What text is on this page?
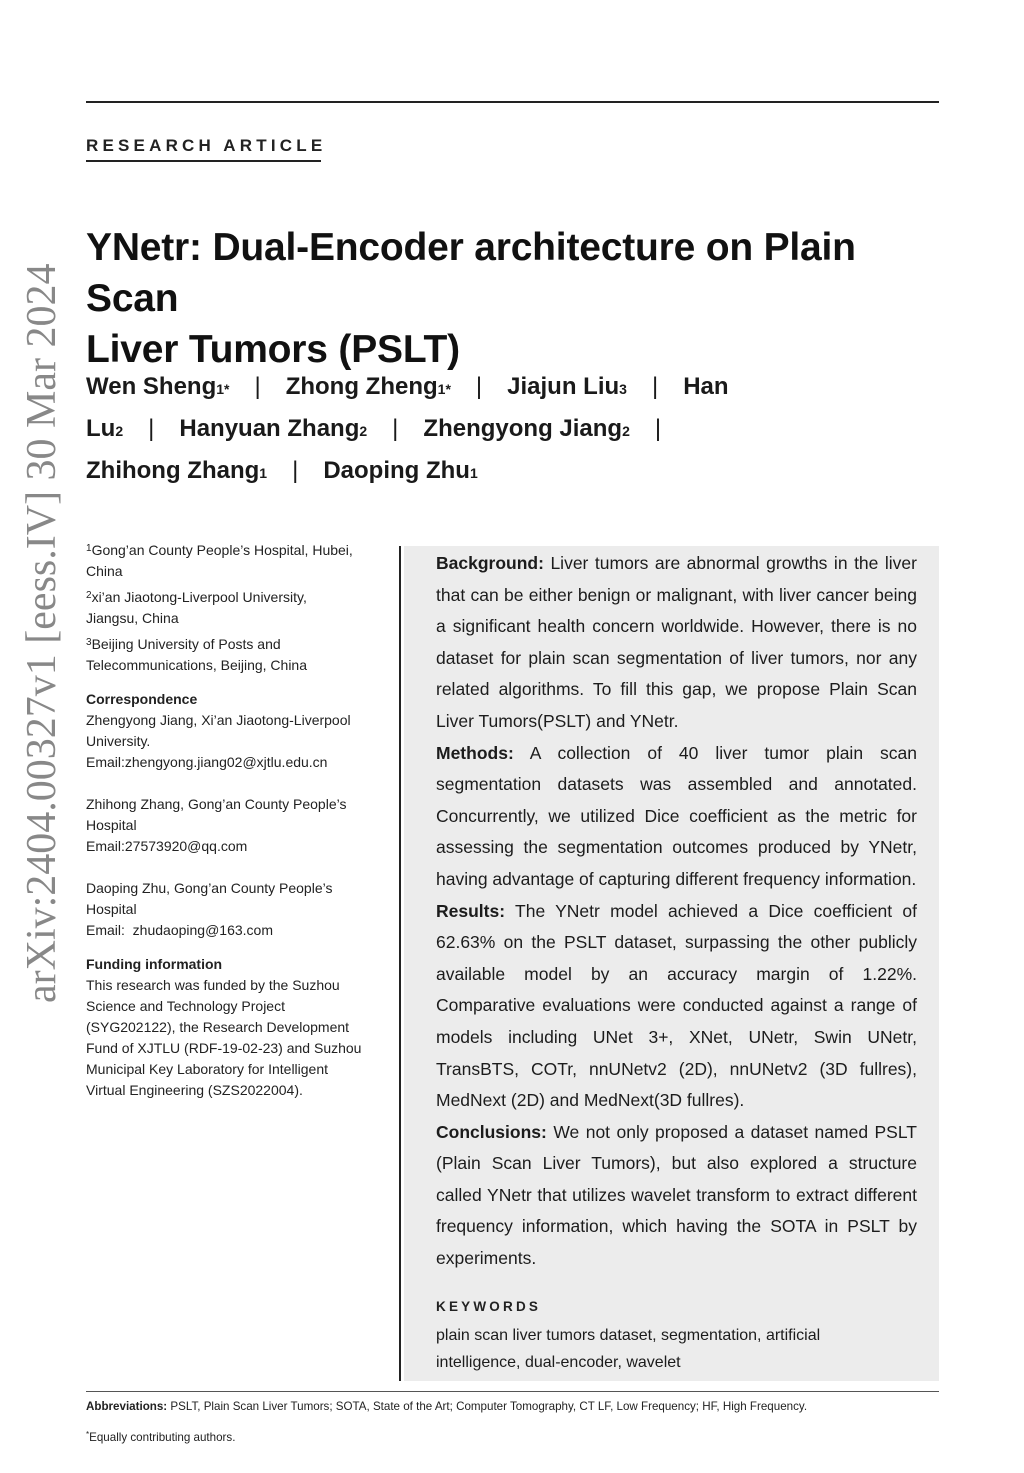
RESEARCH ARTICLE
arXiv:2404.00327v1 [eess.IV] 30 Mar 2024
YNetr: Dual-Encoder architecture on Plain Scan
Liver Tumors (PSLT)
Wen Sheng 1*	|	Zhong Zheng 1*	|	Jiajun Liu 3	|	Han
Lu 2	|	Hanyuan Zhang 2	|	Zhengyong Jiang 2	|
Zhihong Zhang 1	|	Daoping Zhu 1

$^1$Gong’an County People’s Hospital, Hubei,
China

$^2$xi’an Jiaotong-Liverpool University,
Jiangsu, China

$^3$Beijing University of Posts and
Telecommunications, Beijing, China

Correspondence

Zhengyong Jiang, Xi’an Jiaotong-Liverpool

University.

Email:zhengyong.jiang02@xjtlu.edu.cn

Zhihong Zhang, Gong’an County People’s

Hospital

Email:27573920@qq.com

Daoping Zhu, Gong’an County People’s

Hospital

Email:  zhudaoping@163.com

Funding information

This research was funded by the Suzhou

Science and Technology Project

(SYG202122), the Research Development

Fund of XJTLU (RDF-19-02-23) and Suzhou

Municipal Key Laboratory for Intelligent

Virtual Engineering (SZS2022004).

Background: Liver tumors are abnormal growths in the liver that can be either benign or malignant, with liver cancer being a significant health concern worldwide. However, there is no dataset for plain scan segmentation of liver tumors, nor any related algorithms. To fill this gap, we propose Plain Scan Liver Tumors(PSLT) and YNetr.

Methods: A collection of 40 liver tumor plain scan segmentation datasets was assembled and annotated. Concurrently, we utilized Dice coefficient as the metric for assessing the segmentation outcomes produced by YNetr, having advantage of capturing different frequency information.

Results: The YNetr model achieved a Dice coefficient of 62.63% on the PSLT dataset, surpassing the other publicly available model by an accuracy margin of 1.22%. Comparative evaluations were conducted against a range of models including UNet 3+, XNet, UNetr, Swin UNetr, TransBTS, COTr, nnUNetv2 (2D), nnUNetv2 (3D fullres), MedNext (2D) and MedNext(3D fullres).

Conclusions: We not only proposed a dataset named PSLT (Plain Scan Liver Tumors), but also explored a structure called YNetr that utilizes wavelet transform to extract different frequency information, which having the SOTA in PSLT by experiments.

KEYWORDS
plain scan liver tumors dataset, segmentation, artificial intelligence, dual-encoder, wavelet
Abbreviations: PSLT, Plain Scan Liver Tumors; SOTA, State of the Art; Computer Tomography, CT LF, Low Frequency; HF, High Frequency.
*Equally contributing authors.
